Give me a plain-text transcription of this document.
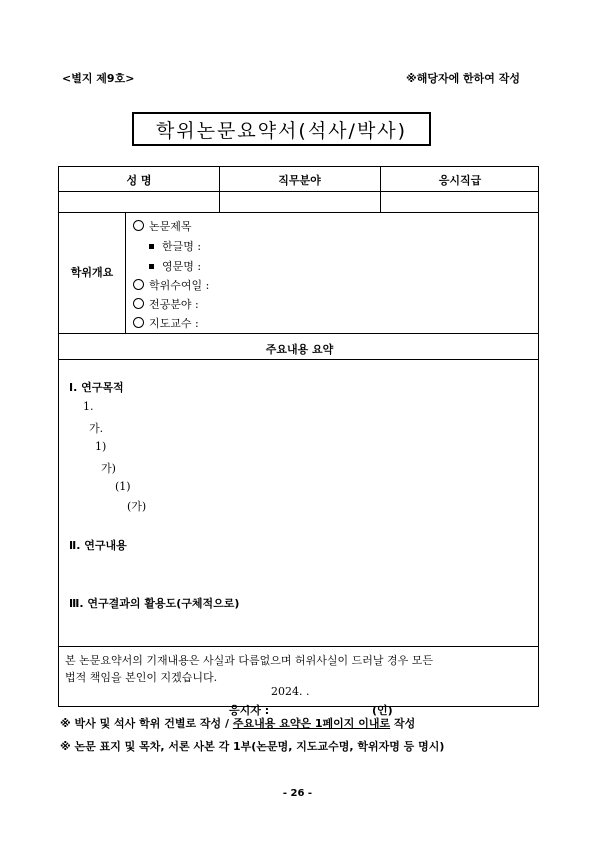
<별지 제9호>	※해당자에 한하여 작성
학위논문요약서(석사/박사)
성 명	직무분야	응시직급
학위개요
논문제목
한글명 :
영문명 :
학위수여일 :
전공분야 :
지도교수 :
주요내용 요약
Ⅰ. 연구목적
1.
가.
1)
가)
(1)
(가)
Ⅱ. 연구내용
Ⅲ. 연구결과의 활용도(구체적으로)
본 논문요약서의 기재내용은 사실과 다름없으며 허위사실이 드러날 경우 모든
법적 책임을 본인이 지겠습니다.
2024. .
응시자 :	(인)
※ 박사 및 석사 학위 건별로 작성 / 주요내용 요약은 1페이지 이내로 작성
※ 논문 표지 및 목차, 서론 사본 각 1부(논문명, 지도교수명, 학위자명 등 명시)
- 26 -
